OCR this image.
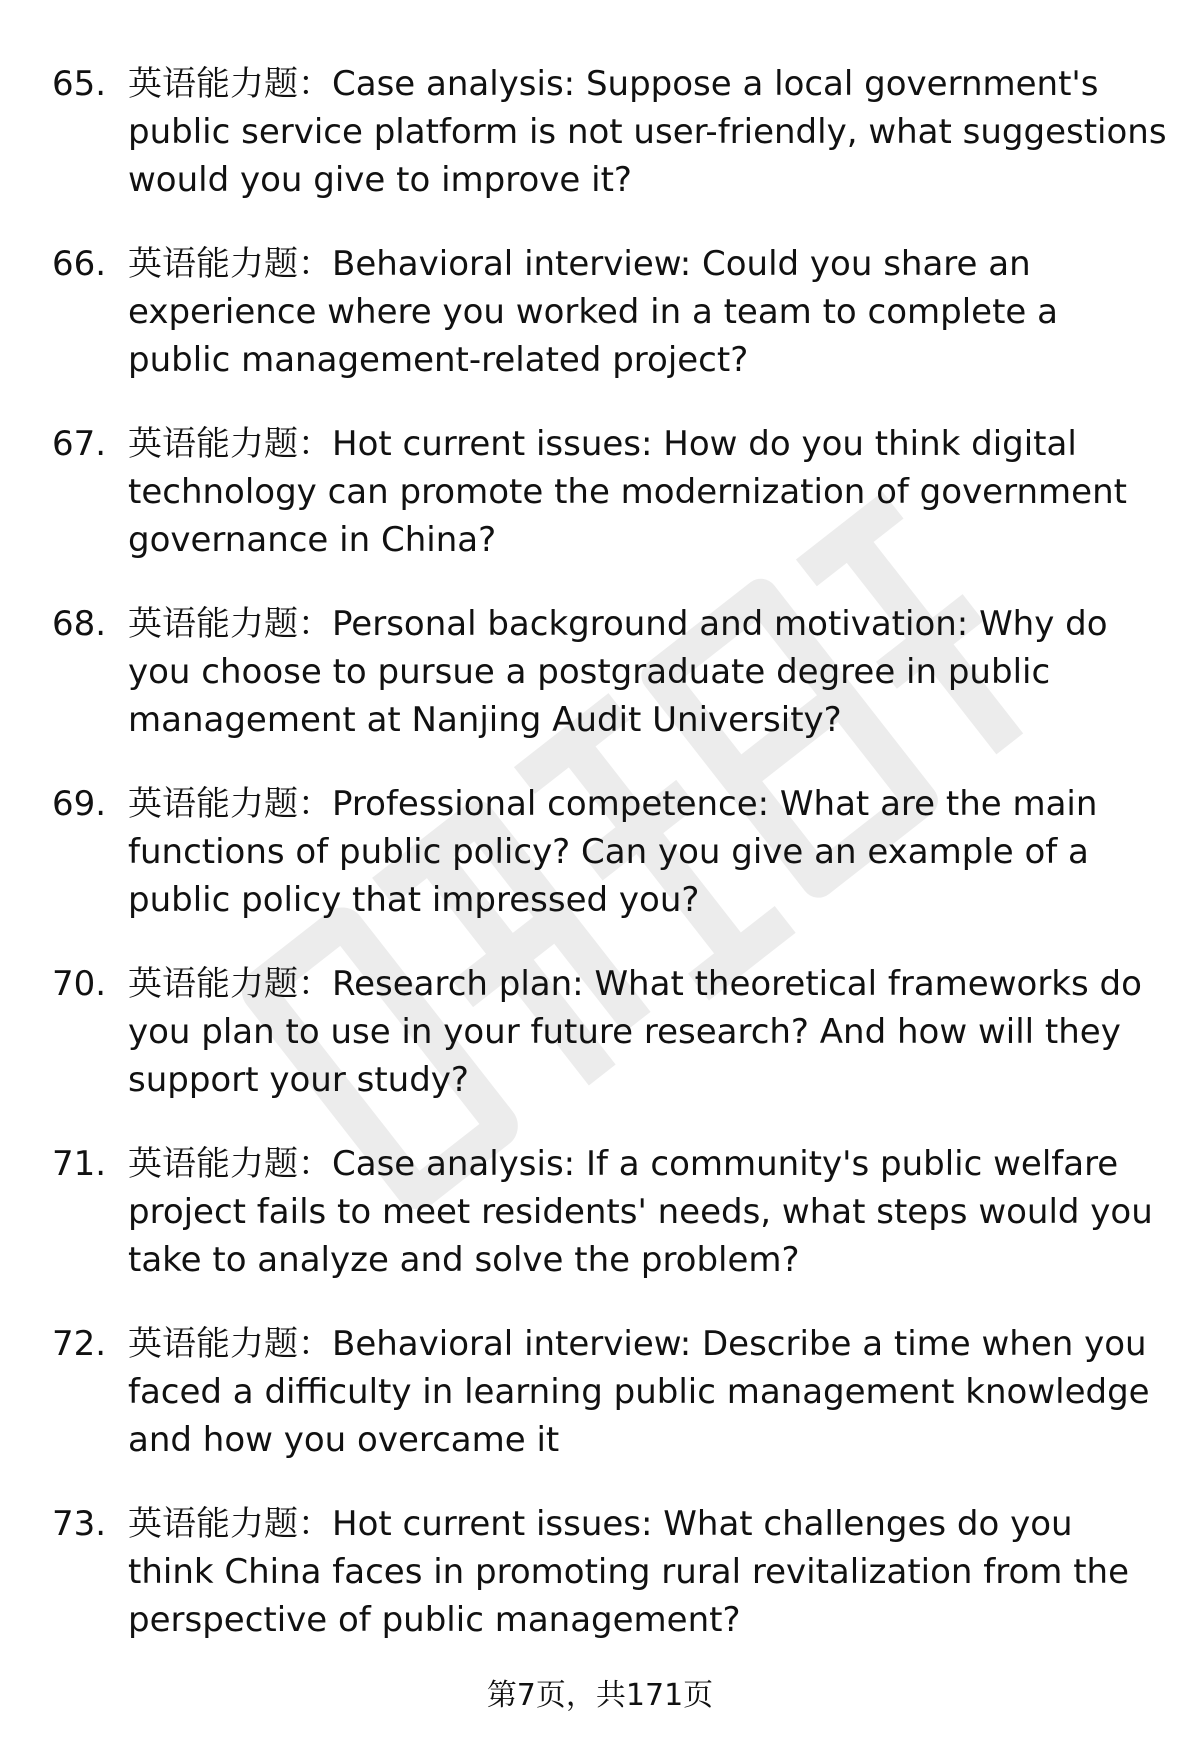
65. 英语能力题：Case analysis: Suppose a local government's public service platform is not user-friendly, what suggestions would you give to improve it?
66. 英语能力题：Behavioral interview: Could you share an experience where you worked in a team to complete a public management-related project?
67. 英语能力题：Hot current issues: How do you think digital technology can promote the modernization of government governance in China?
68. 英语能力题：Personal background and motivation: Why do you choose to pursue a postgraduate degree in public management at Nanjing Audit University?
69. 英语能力题：Professional competence: What are the main functions of public policy? Can you give an example of a public policy that impressed you?
70. 英语能力题：Research plan: What theoretical frameworks do you plan to use in your future research? And how will they support your study?
71. 英语能力题：Case analysis: If a community's public welfare project fails to meet residents' needs, what steps would you take to analyze and solve the problem?
72. 英语能力题：Behavioral interview: Describe a time when you faced a difficulty in learning public management knowledge and how you overcame it
73. 英语能力题：Hot current issues: What challenges do you think China faces in promoting rural revitalization from the perspective of public management?
第7页，共171页
